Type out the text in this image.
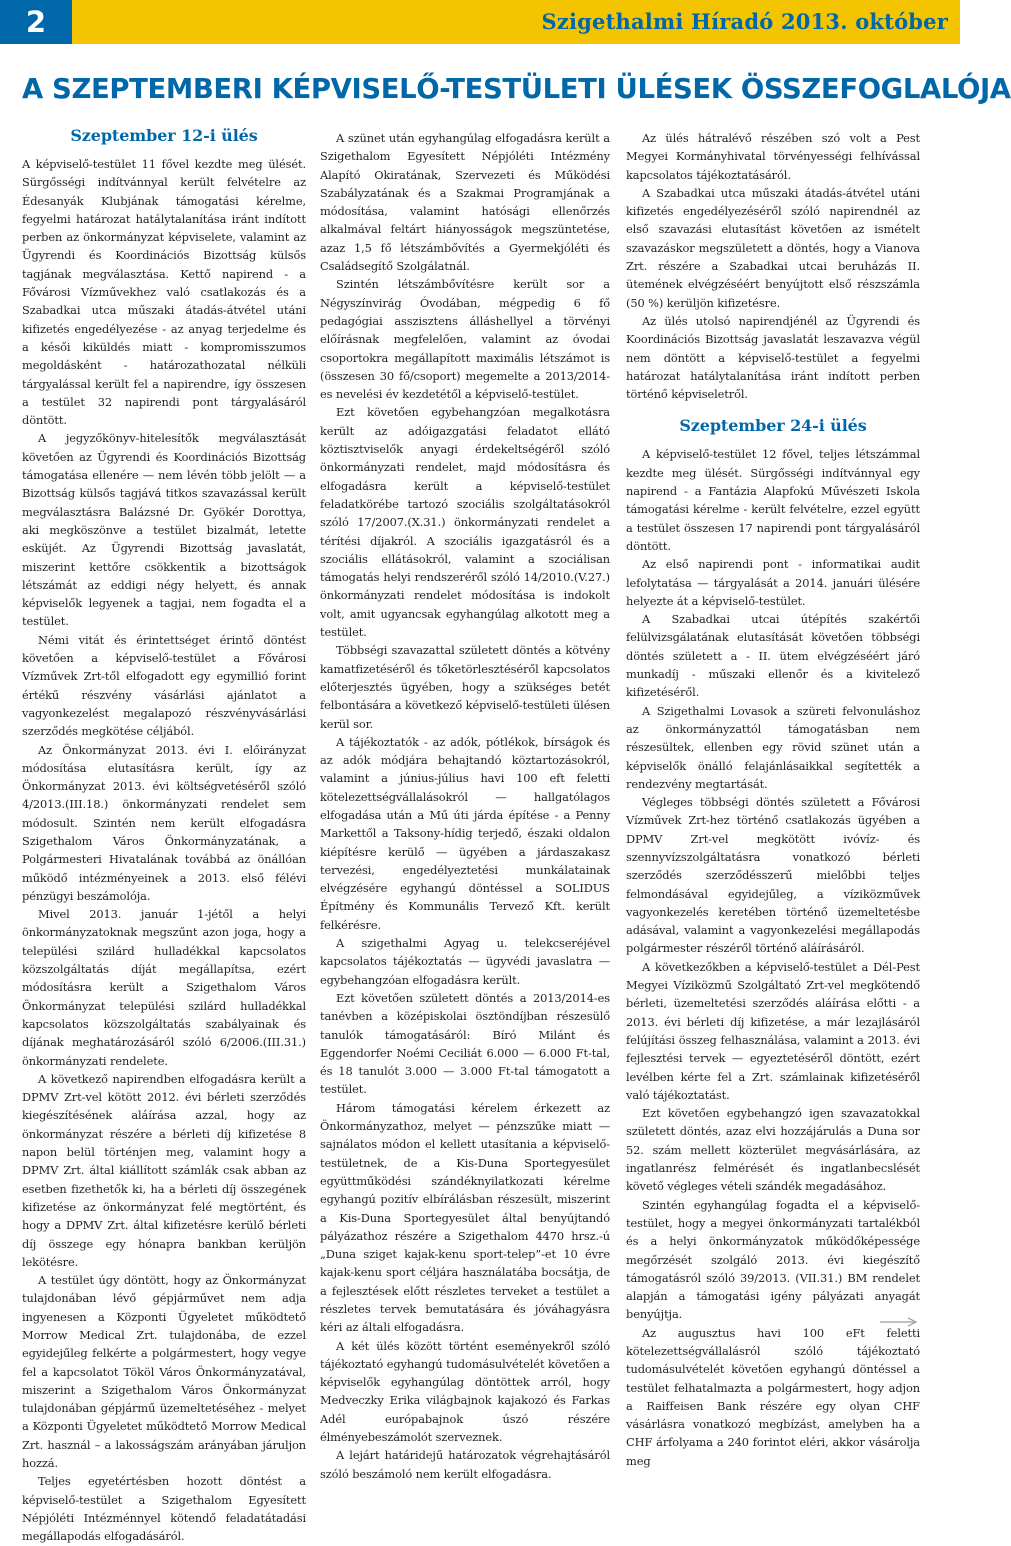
2	Szigethalmi Híradó 2013. október
A SZEPTEMBERI KÉPVISELŐ-TESTÜLETI ÜLÉSEK ÖSSZEFOGLALÓJA
Szeptember 12-i ülés

A képviselő-testület 11 fővel kezdte meg ülését. Sürgősségi indítvánnyal került felvételre az Édesanyák Klubjának támogatási kérelme, fegyelmi határozat hatálytalanítása iránt indított perben az önkormányzat képviselete, valamint az Ügyrendi és Koordinációs Bizottság külsős tagjának megválasztása. Kettő napirend - a Fővárosi Vízművekhez való csatlakozás és a Szabadkai utca műszaki átadás-átvétel utáni kifizetés engedélyezése - az anyag terjedelme és a késői kiküldés miatt - kompromisszumos megoldásként - határozathozatal nélküli tárgyalással került fel a napirendre, így összesen a testület 32 napirendi pont tárgyalásáról döntött.

A jegyzőkönyv-hitelesítők megválasztását követően az Ügyrendi és Koordinációs Bizottság támogatása ellenére — nem lévén több jelölt — a Bizottság külsős tagjává titkos szavazással került megválasztásra Balázsné Dr. Gyökér Dorottya, aki megköszönve a testület bizalmát, letette esküjét. Az Ügyrendi Bizottság javaslatát, miszerint kettőre csökkentik a bizottságok létszámát az eddigi négy helyett, és annak képviselők legyenek a tagjai, nem fogadta el a testület.

Némi vitát és érintettséget érintő döntést követően a képviselő-testület a Fővárosi Vízművek Zrt-től elfogadott egy egymillió forint értékű részvény vásárlási ajánlatot a vagyonkezelést megalapozó részvényvásárlási szerződés megkötése céljából.

Az Önkormányzat 2013. évi I. előirányzat módosítása elutasításra került, így az Önkormányzat 2013. évi költségvetéséről szóló 4/2013.(III.18.) önkormányzati rendelet sem módosult. Szintén nem került elfogadásra Szigethalom Város Önkormányzatának, a Polgármesteri Hivatalának továbbá az önállóan működő intézményeinek a 2013. első félévi pénzügyi beszámolója.

Mivel 2013. január 1-jétől a helyi önkormányzatoknak megszűnt azon joga, hogy a települési szilárd hulladékkal kapcsolatos közszolgáltatás díját megállapítsa, ezért módosításra került a Szigethalom Város Önkormányzat települési szilárd hulladékkal kapcsolatos közszolgáltatás szabályainak és díjának meghatározásáról szóló 6/2006.(III.31.) önkormányzati rendelete.

A következő napirendben elfogadásra került a DPMV Zrt-vel kötött 2012. évi bérleti szerződés kiegészítésének aláírása azzal, hogy az önkormányzat részére a bérleti díj kifizetése 8 napon belül történjen meg, valamint hogy a DPMV Zrt. által kiállított számlák csak abban az esetben fizethetők ki, ha a bérleti díj összegének kifizetése az önkormányzat felé megtörtént, és hogy a DPMV Zrt. által kifizetésre kerülő bérleti díj összege egy hónapra bankban kerüljön lekötésre.

A testület úgy döntött, hogy az Önkormányzat tulajdonában lévő gépjárművet nem adja ingyenesen a Központi Ügyeletet működtető Morrow Medical Zrt. tulajdonába, de ezzel egyidejűleg felkérte a polgármestert, hogy vegye fel a kapcsolatot Tököl Város Önkormányzatával, miszerint a Szigethalom Város Önkormányzat tulajdonában gépjármű üzemeltetéséhez - melyet a Központi Ügyeletet működtető Morrow Medical Zrt. használ – a lakosságszám arányában járuljon hozzá.

Teljes egyetértésben hozott döntést a képviselő-testület a Szigethalom Egyesített Népjóléti Intézménnyel kötendő feladatátadási megállapodás elfogadásáról.

A szünet után egyhangúlag elfogadásra került a Szigethalom Egyesített Népjóléti Intézmény Alapító Okiratának, Szervezeti és Működési Szabályzatának és a Szakmai Programjának a módosítása, valamint hatósági ellenőrzés alkalmával feltárt hiányosságok megszüntetése, azaz 1,5 fő létszámbővítés a Gyermekjóléti és Családsegítő Szolgálatnál.

Szintén létszámbővítésre került sor a Négyszínvirág Óvodában, mégpedig 6 fő pedagógiai asszisztens álláshellyel a törvényi előírásnak megfelelően, valamint az óvodai csoportokra megállapított maximális létszámot is (összesen 30 fő/csoport) megemelte a 2013/2014-es nevelési év kezdetétől a képviselő-testület.

Ezt követően egybehangzóan megalkotásra került az adóigazgatási feladatot ellátó köztisztviselők anyagi érdekeltségéről szóló önkormányzati rendelet, majd módosításra és elfogadásra került a képviselő-testület feladatkörébe tartozó szociális szolgáltatásokról szóló 17/2007.(X.31.) önkormányzati rendelet a térítési díjakról. A szociális igazgatásról és a szociális ellátásokról, valamint a szociálisan támogatás helyi rendszeréről szóló 14/2010.(V.27.) önkormányzati rendelet módosítása is indokolt volt, amit ugyancsak egyhangúlag alkotott meg a testület.

Többségi szavazattal született döntés a kötvény kamatfizetéséről és tőketörlesztéséről kapcsolatos előterjesztés ügyében, hogy a szükséges betét felbontására a következő képviselő-testületi ülésen kerül sor.

A tájékoztatók - az adók, pótlékok, bírságok és az adók módjára behajtandó köztartozásokról, valamint a június-július havi 100 eft feletti kötelezettségvállalásokról — hallgatólagos elfogadása után a Mű úti járda építése - a Penny Markettől a Taksony-hídig terjedő, északi oldalon kiépítésre kerülő — ügyében a járdaszakasz tervezési, engedélyeztetési munkálatainak elvégzésére egyhangú döntéssel a SOLIDUS Építmény és Kommunális Tervező Kft. került felkérésre.

A szigethalmi Agyag u. telekcseréjével kapcsolatos tájékoztatás — ügyvédi javaslatra — egybehangzóan elfogadásra került.

Ezt követően született döntés a 2013/2014-es tanévben a középiskolai ösztöndíjban részesülő tanulók támogatásáról: Bíró Milánt és Eggendorfer Noémi Ceciliát 6.000 — 6.000 Ft-tal, és 18 tanulót 3.000 — 3.000 Ft-tal támogatott a testület.

Három támogatási kérelem érkezett az Önkormányzathoz, melyet — pénzszűke miatt — sajnálatos módon el kellett utasítania a képviselő-testületnek, de a Kis-Duna Sportegyesület együttműködési szándéknyilatkozati kérelme egyhangú pozitív elbírálásban részesült, miszerint a Kis-Duna Sportegyesület által benyújtandó pályázathoz részére a Szigethalom 4470 hrsz.-ú „Duna sziget kajak-kenu sport-telep”-et 10 évre kajak-kenu sport céljára használatába bocsátja, de a fejlesztések előtt részletes terveket a testület a részletes tervek bemutatására és jóváhagyásra kéri az általi elfogadásra.

A két ülés között történt eseményekről szóló tájékoztató egyhangú tudomásulvételét követően a képviselők egyhangúlag döntöttek arról, hogy Medveczky Erika világbajnok kajakozó és Farkas Adél európabajnok úszó részére élményebeszámolót szerveznek.

A lejárt határidejű határozatok végrehajtásáról szóló beszámoló nem került elfogadásra.

Az ülés hátralévő részében szó volt a Pest Megyei Kormányhivatal törvényességi felhívással kapcsolatos tájékoztatásáról.

A Szabadkai utca műszaki átadás-átvétel utáni kifizetés engedélyezéséről szóló napirendnél az első szavazási elutasítást követően az ismételt szavazáskor megszületett a döntés, hogy a Vianova Zrt. részére a Szabadkai utcai beruházás II. ütemének elvégzéséért benyújtott első részszámla (50 %) kerüljön kifizetésre.

Az ülés utolsó napirendjénél az Ügyrendi és Koordinációs Bizottság javaslatát leszavazva végül nem döntött a képviselő-testület a fegyelmi határozat hatálytalanítása iránt indított perben történő képviseletről.

Szeptember 24-i ülés

A képviselő-testület 12 fővel, teljes létszámmal kezdte meg ülését. Sürgősségi indítvánnyal egy napirend - a Fantázia Alapfokú Művészeti Iskola támogatási kérelme - került felvételre, ezzel együtt a testület összesen 17 napirendi pont tárgyalásáról döntött.

Az első napirendi pont - informatikai audit lefolytatása — tárgyalását a 2014. januári ülésére helyezte át a képviselő-testület.

A Szabadkai utcai útépítés szakértői felülvizsgálatának elutasítását követően többségi döntés született a - II. ütem elvégzéséért járó munkadíj - műszaki ellenőr és a kivitelező kifizetéséről.

A Szigethalmi Lovasok a szüreti felvonuláshoz az önkormányzattól támogatásban nem részesültek, ellenben egy rövid szünet után a képviselők önálló felajánlásaikkal segítették a rendezvény megtartását.

Végleges többségi döntés született a Fővárosi Vízművek Zrt-hez történő csatlakozás ügyében a DPMV Zrt-vel megkötött ivóvíz- és szennyvízszolgáltatásra vonatkozó bérleti szerződés szerződésszerű mielőbbi teljes felmondásával egyidejűleg, a víziközművek vagyonkezelés keretében történő üzemeltetésbe adásával, valamint a vagyonkezelési megállapodás polgármester részéről történő aláírásáról.

A következőkben a képviselő-testület a Dél-Pest Megyei Víziközmű Szolgáltató Zrt-vel megkötendő bérleti, üzemeltetési szerződés aláírása előtti - a 2013. évi bérleti díj kifizetése, a már lezajlásáról felújítási összeg felhasználása, valamint a 2013. évi fejlesztési tervek — egyeztetéséről döntött, ezért levélben kérte fel a Zrt. számlainak kifizetéséről való tájékoztatást.

Ezt követően egybehangzó igen szavazatokkal született döntés, azaz elvi hozzájárulás a Duna sor 52. szám mellett közterület megvásárlására, az ingatlanrész felmérését és ingatlanbecslését követő végleges vételi szándék megadásához.

Szintén egyhangúlag fogadta el a képviselő-testület, hogy a megyei önkormányzati tartalékból és a helyi önkormányzatok működőképessége megőrzését szolgáló 2013. évi kiegészítő támogatásról szóló 39/2013. (VII.31.) BM rendelet alapján a támogatási igény pályázati anyagát benyújtja.

Az augusztus havi 100 eFt feletti kötelezettségvállalásról szóló tájékoztató tudomásulvételét követően egyhangú döntéssel a testület felhatalmazta a polgármestert, hogy adjon a Raiffeisen Bank részére egy olyan CHF vásárlásra vonatkozó megbízást, amelyben ha a CHF árfolyama a 240 forintot eléri, akkor vásárolja meg
